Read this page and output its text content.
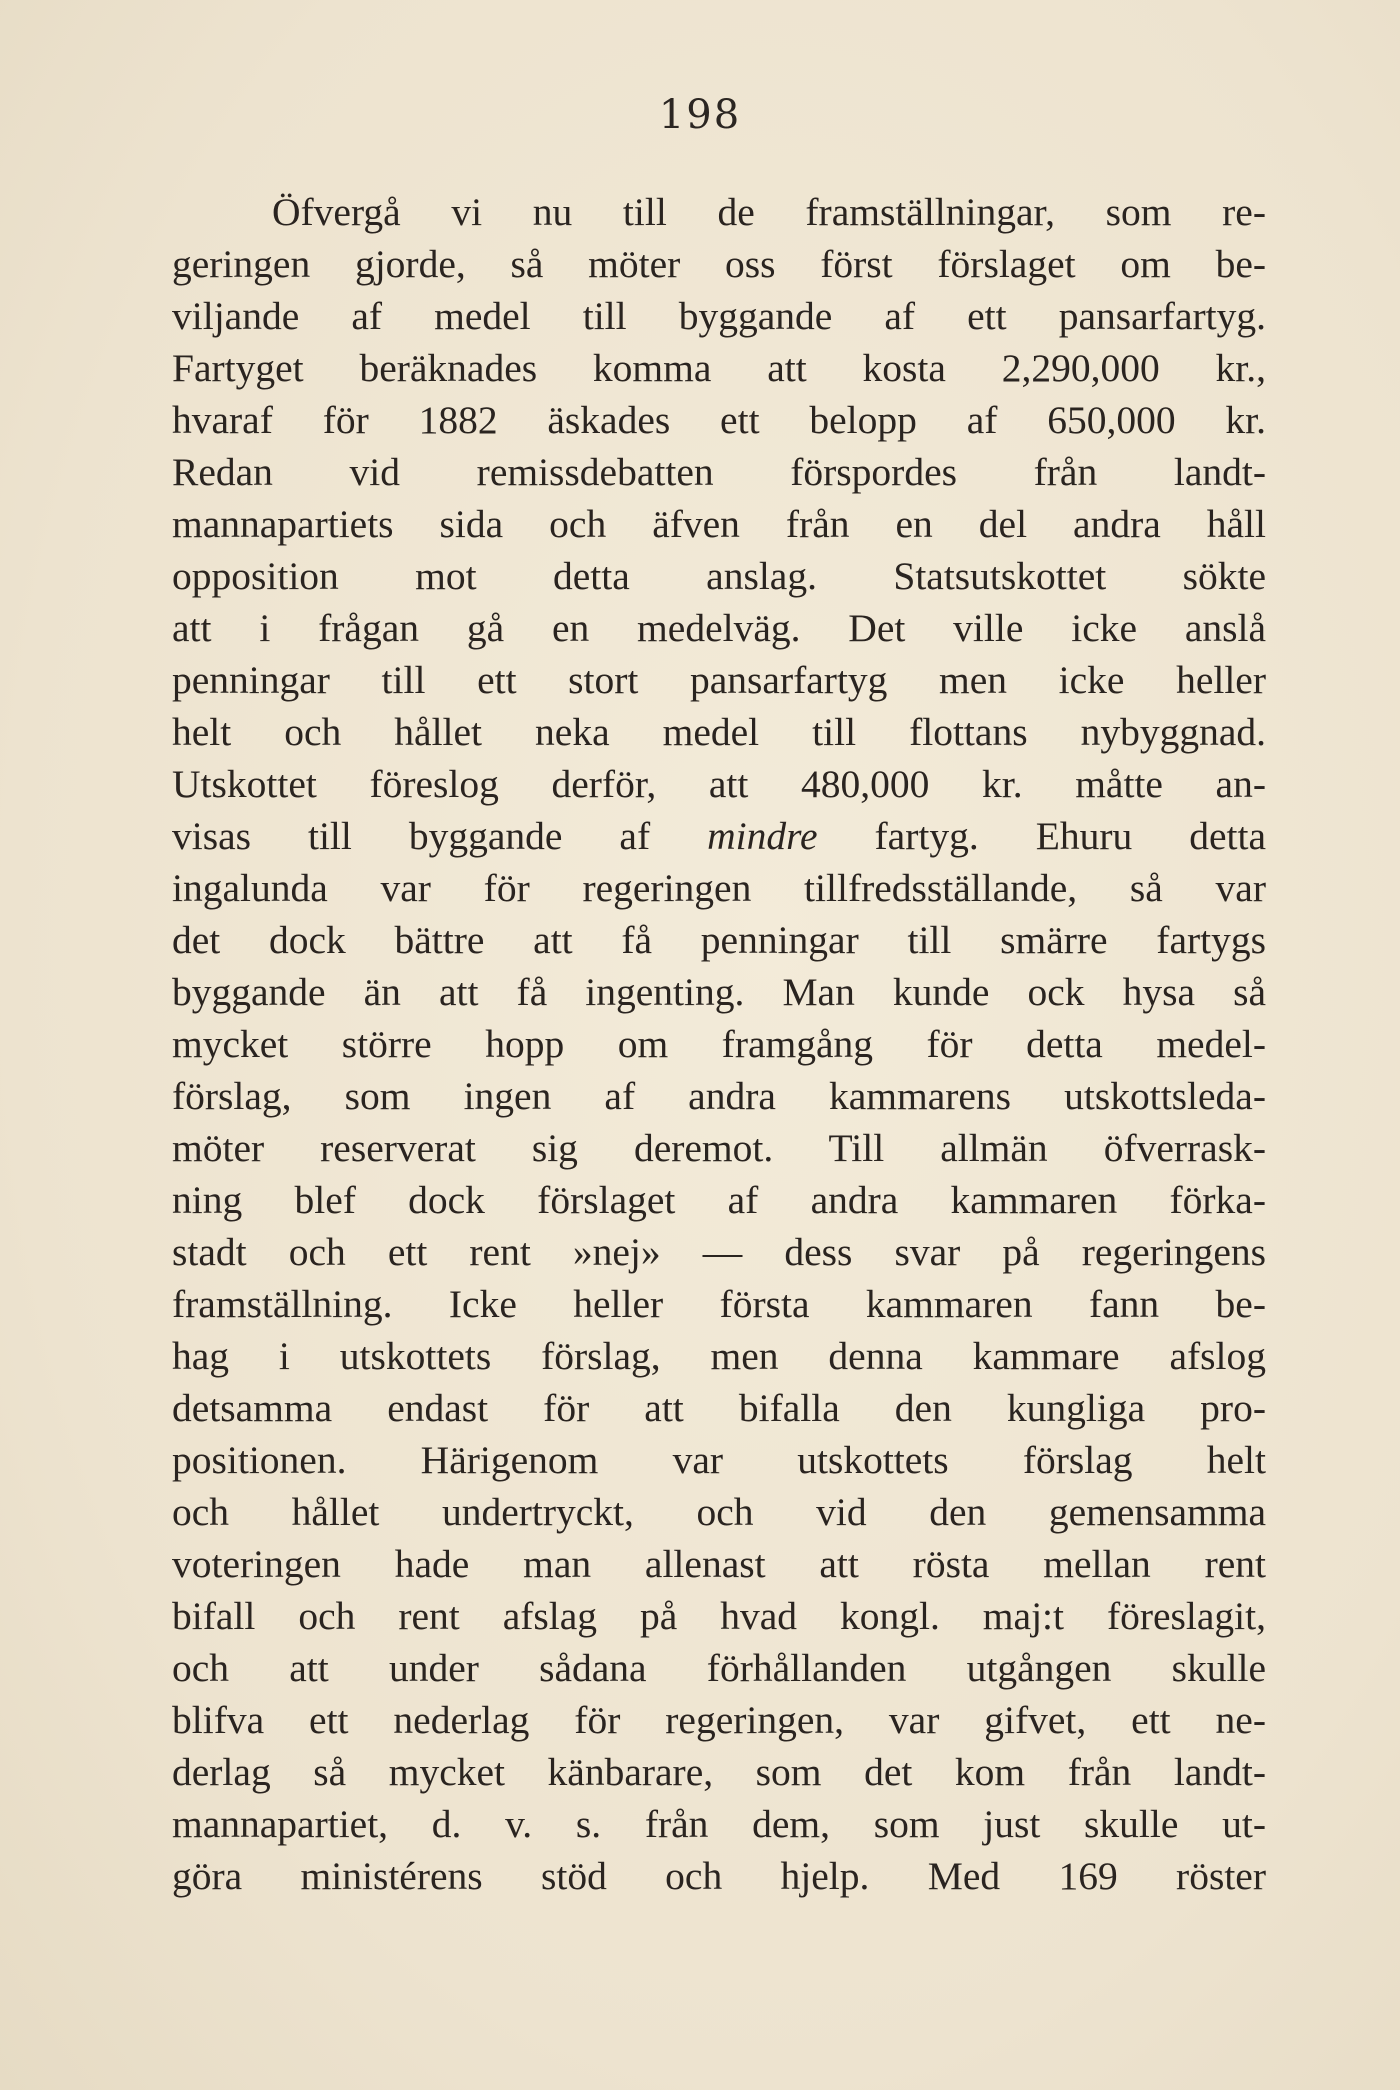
198
Öfvergå vi nu till de framställningar, som re-
geringen gjorde, så möter oss först förslaget om be-
viljande af medel till byggande af ett pansarfartyg.
Fartyget beräknades komma att kosta 2,290,000 kr.,
hvaraf för 1882 äskades ett belopp af 650,000 kr.
Redan vid remissdebatten förspordes från landt-
mannapartiets sida och äfven från en del andra håll
opposition mot detta anslag. Statsutskottet sökte
att i frågan gå en medelväg. Det ville icke anslå
penningar till ett stort pansarfartyg men icke heller
helt och hållet neka medel till flottans nybyggnad.
Utskottet föreslog derför, att 480,000 kr. måtte an-
visas till byggande af mindre fartyg. Ehuru detta
ingalunda var för regeringen tillfredsställande, så var
det dock bättre att få penningar till smärre fartygs
byggande än att få ingenting. Man kunde ock hysa så
mycket större hopp om framgång för detta medel-
förslag, som ingen af andra kammarens utskottsleda-
möter reserverat sig deremot. Till allmän öfverrask-
ning blef dock förslaget af andra kammaren förka-
stadt och ett rent »nej» — dess svar på regeringens
framställning. Icke heller första kammaren fann be-
hag i utskottets förslag, men denna kammare afslog
detsamma endast för att bifalla den kungliga pro-
positionen. Härigenom var utskottets förslag helt
och hållet undertryckt, och vid den gemensamma
voteringen hade man allenast att rösta mellan rent
bifall och rent afslag på hvad kongl. maj:t föreslagit,
och att under sådana förhållanden utgången skulle
blifva ett nederlag för regeringen, var gifvet, ett ne-
derlag så mycket känbarare, som det kom från landt-
mannapartiet, d. v. s. från dem, som just skulle ut-
göra ministérens stöd och hjelp. Med 169 röster
